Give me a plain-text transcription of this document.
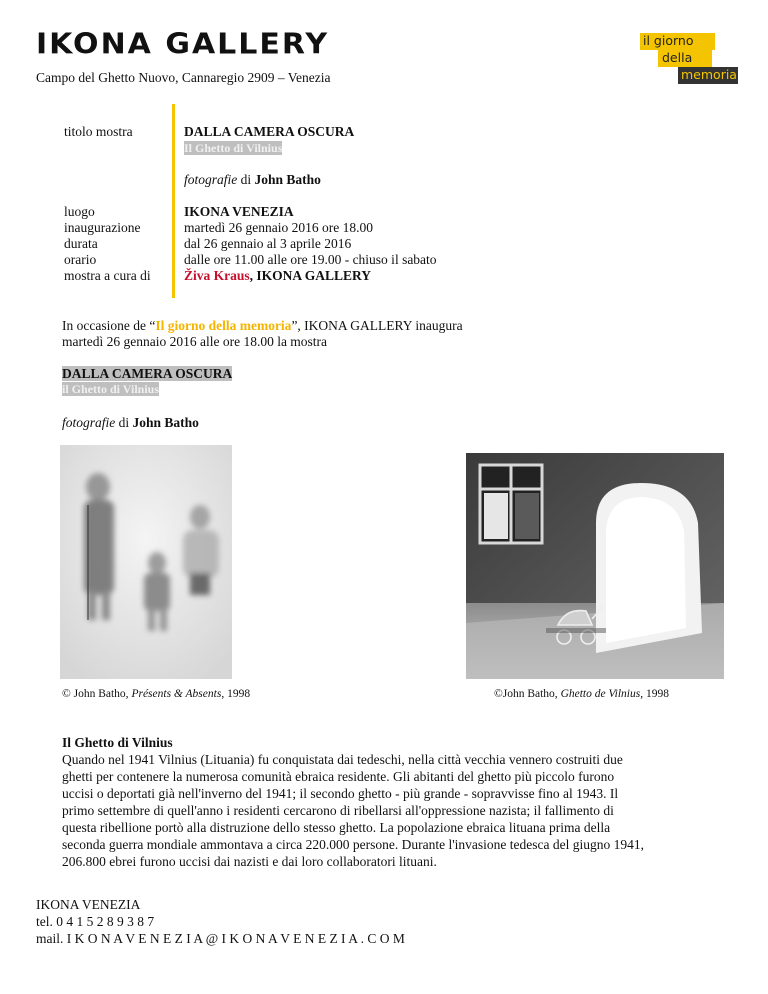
IKONA GALLERY
Campo del Ghetto Nuovo, Cannaregio 2909 – Venezia
il giorno
della
memoria
titolo mostra	DALLA CAMERA OSCURA
Il Ghetto di Vilnius
fotografie di John Batho
luogo
inaugurazione
durata
orario
mostra a cura di
IKONA VENEZIA
martedì 26 gennaio 2016 ore 18.00
dal 26 gennaio al 3 aprile 2016
dalle ore 11.00 alle ore 19.00 - chiuso il sabato
Živa Kraus, IKONA GALLERY
In occasione de “Il giorno della memoria”, IKONA GALLERY inaugura
martedì 26 gennaio 2016 alle ore 18.00 la mostra
DALLA CAMERA OSCURA
il Ghetto di Vilnius
fotografie di John Batho
© John Batho, Présents & Absents, 1998	©John Batho, Ghetto de Vilnius, 1998
Il Ghetto di Vilnius
Quando nel 1941 Vilnius (Lituania) fu conquistata dai tedeschi, nella città vecchia vennero costruiti due
ghetti per contenere la numerosa comunità ebraica residente. Gli abitanti del ghetto più piccolo furono
uccisi o deportati già nell'inverno del 1941; il secondo ghetto - più grande - sopravvisse fino al 1943. Il
primo settembre di quell'anno i residenti cercarono di ribellarsi all'oppressione nazista; il fallimento di
questa ribellione portò alla distruzione dello stesso ghetto. La popolazione ebraica lituana prima della
seconda guerra mondiale ammontava a circa 220.000 persone. Durante l'invasione tedesca del giugno 1941,
206.800 ebrei furono uccisi dai nazisti e dai loro collaboratori lituani.
IKONA VENEZIA
tel. 0 4 1 5 2 8 9 3 8 7
mail. I K O N A V E N E Z I A @ I K O N A V E N E Z I A . C O M
